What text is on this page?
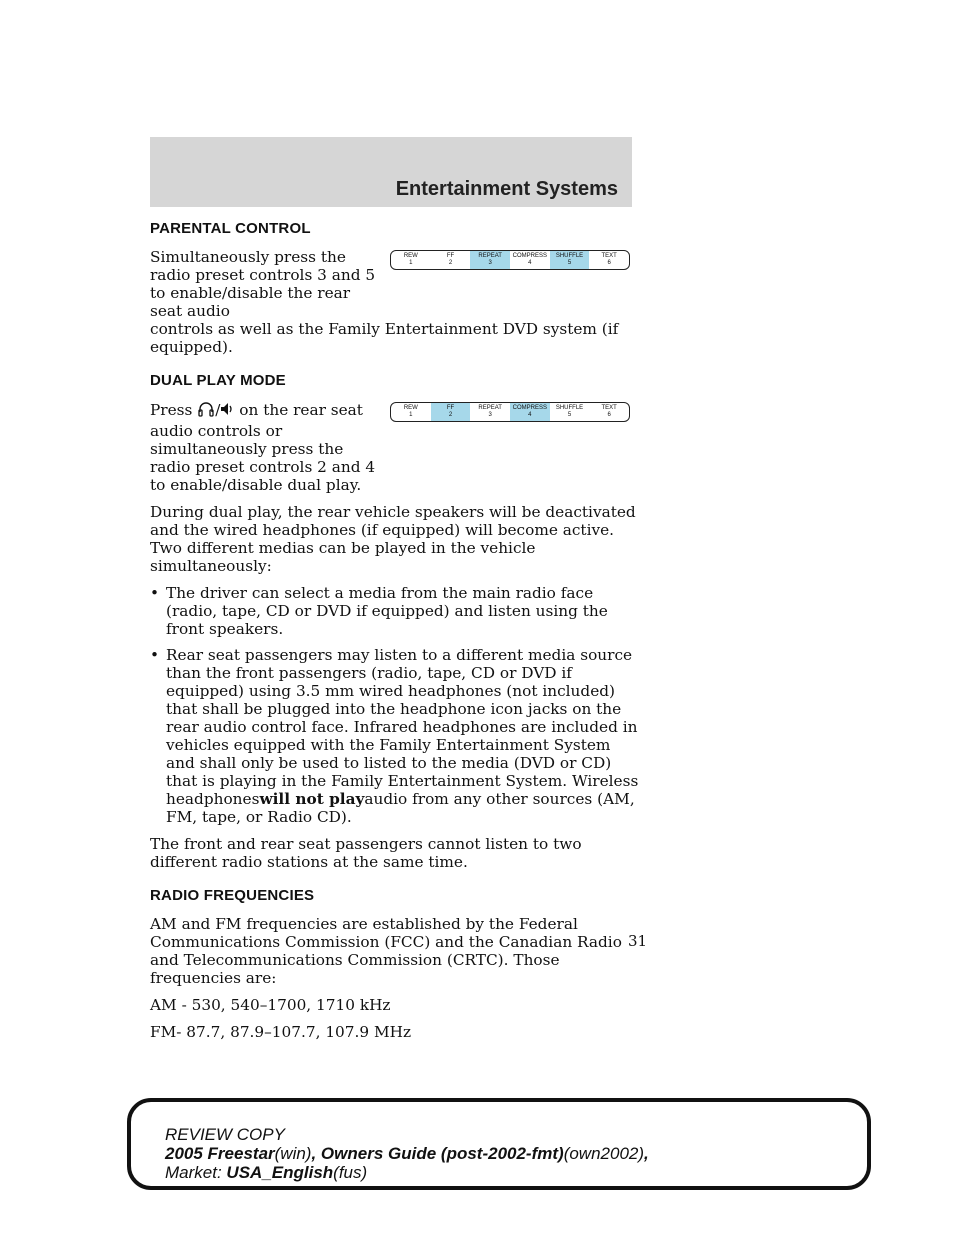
Entertainment Systems
PARENTAL CONTROL
Simultaneously press the radio preset controls 3 and 5 to enable/disable the rear seat audio
REW
1
FF
2
REPEAT
3
COMPRESS
4
SHUFFLE
5
TEXT
6

controls as well as the Family Entertainment DVD system (if equipped).

DUAL PLAY MODE
Press / on the rear seat audio controls or simultaneously press the radio preset controls 2 and 4 to enable/disable dual play.
REW
1
FF
2
REPEAT
3
COMPRESS
4
SHUFFLE
5
TEXT
6

During dual play, the rear vehicle speakers will be deactivated and the wired headphones (if equipped) will become active. Two different medias can be played in the vehicle simultaneously:

• The driver can select a media from the main radio face (radio, tape, CD or DVD if equipped) and listen using the front speakers.
• Rear seat passengers may listen to a different media source than the front passengers (radio, tape, CD or DVD if equipped) using 3.5 mm wired headphones (not included) that shall be plugged into the headphone icon jacks on the rear audio control face. Infrared headphones are included in vehicles equipped with the Family Entertainment System and shall only be used to listed to the media (DVD or CD) that is playing in the Family Entertainment System. Wireless headphoneswill not playaudio from any other sources (AM, FM, tape, or Radio CD).

The front and rear seat passengers cannot listen to two different radio stations at the same time.

RADIO FREQUENCIES

AM and FM frequencies are established by the Federal Communications Commission (FCC) and the Canadian Radio and Telecommunications Commission (CRTC). Those frequencies are:

AM - 530, 540–1700, 1710 kHz

FM- 87.7, 87.9–107.7, 107.9 MHz

31
REVIEW COPY
2005 Freestar(win), Owners Guide (post-2002-fmt)(own2002),
Market: USA_English(fus)
